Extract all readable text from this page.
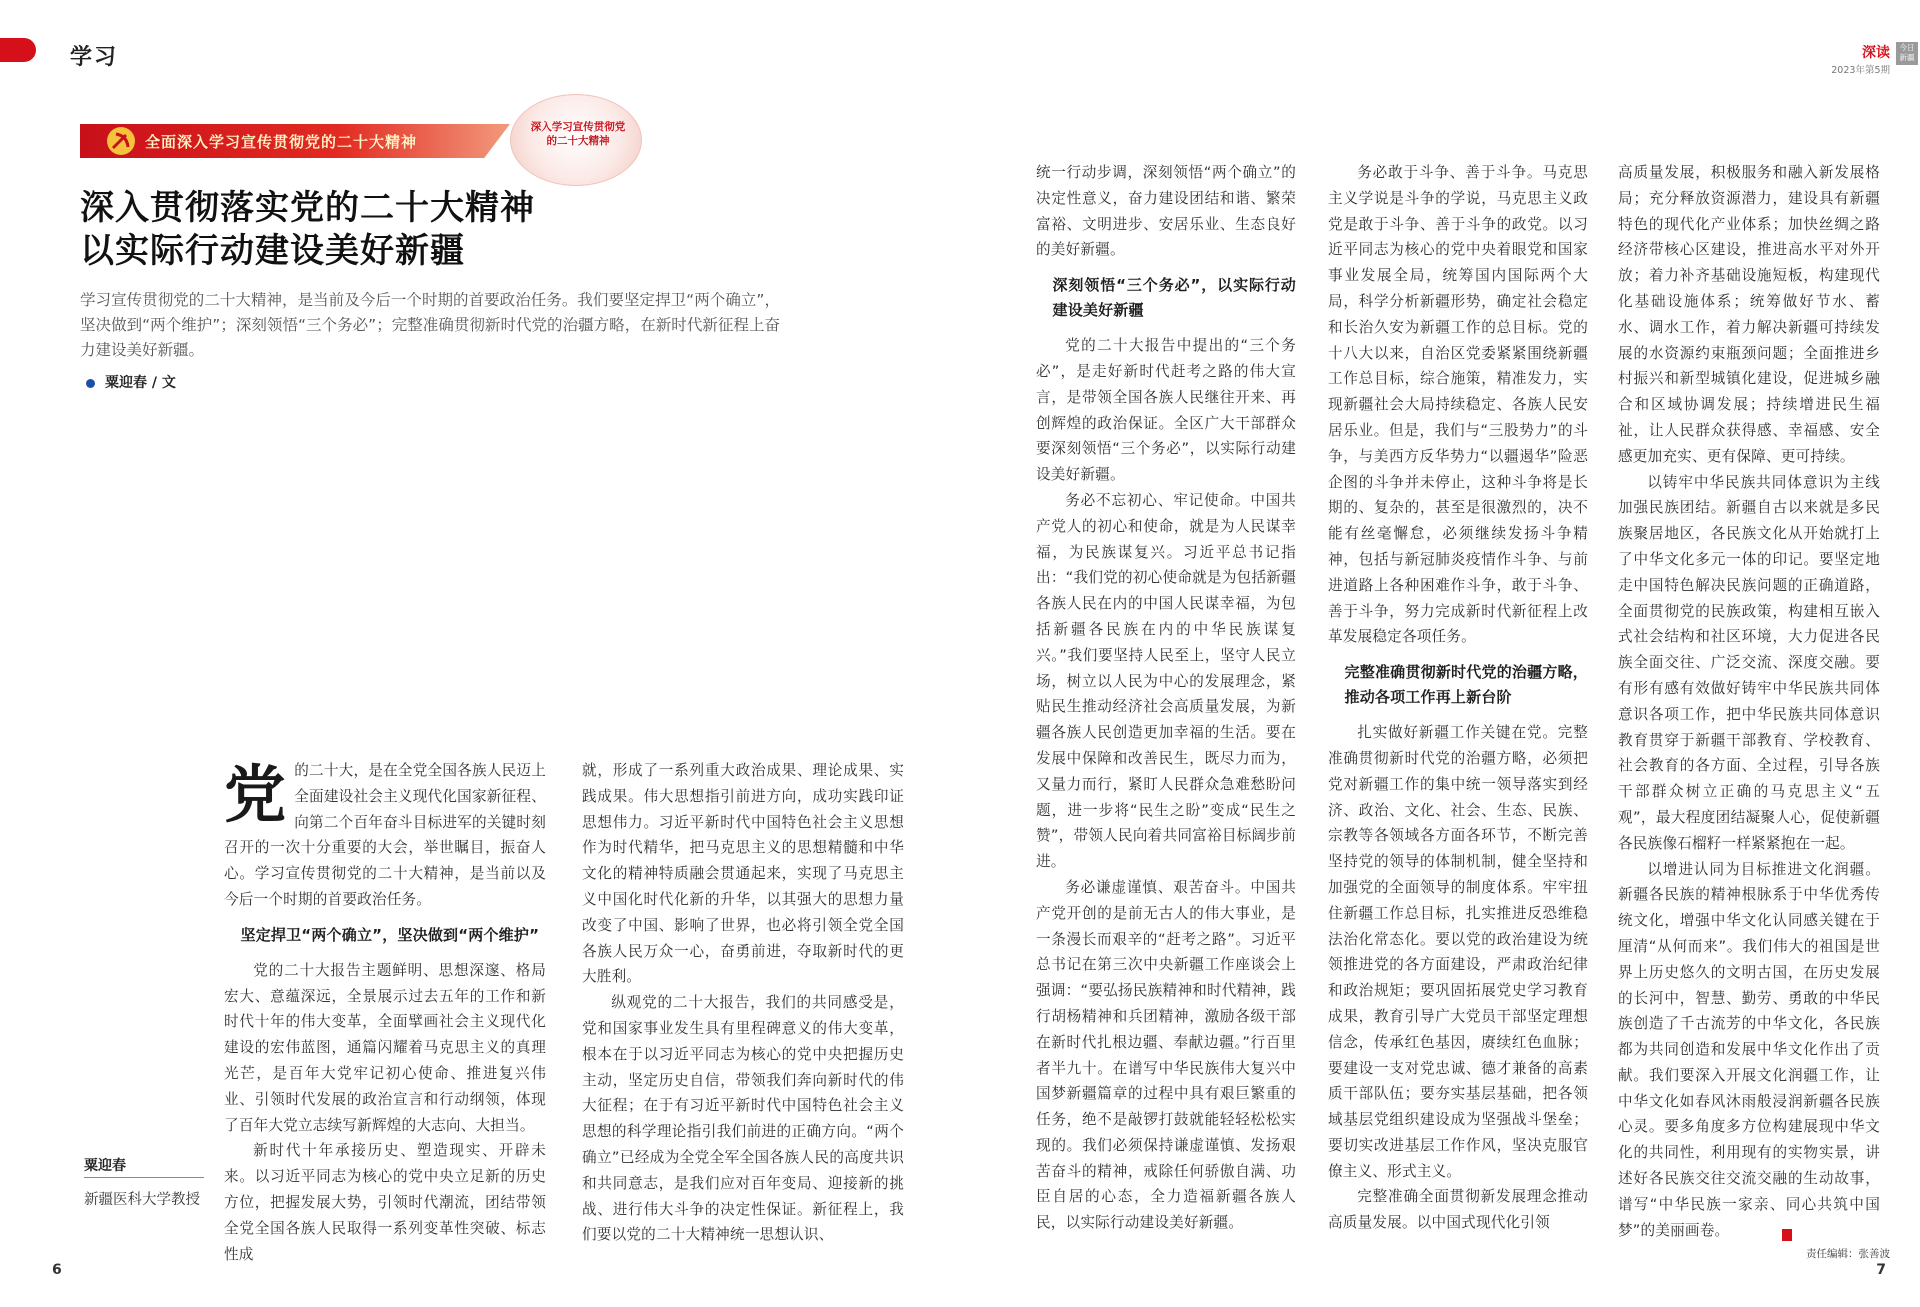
学习	深读
2023年第5期
今日 新疆
全面深入学习宣传贯彻党的二十大精神
深入学习宣传贯彻党的二十大精神
深入贯彻落实党的二十大精神
以实际行动建设美好新疆
学习宣传贯彻党的二十大精神，是当前及今后一个时期的首要政治任务。我们要坚定捍卫“两个确立”，坚决做到“两个维护”；深刻领悟“三个务必”；完整准确贯彻新时代党的治疆方略，在新时代新征程上奋力建设美好新疆。
粟迎春 / 文
党 的二十大，是在全党全国各族人民迈上全面建设社会主义现代化国家新征程、向第二个百年奋斗目标进军的关键时刻召开的一次十分重要的大会，举世瞩目，振奋人心。学习宣传贯彻党的二十大精神，是当前以及今后一个时期的首要政治任务。

坚定捍卫“两个确立”，坚决做到“两个维护”

党的二十大报告主题鲜明、思想深邃、格局宏大、意蕴深远，全景展示过去五年的工作和新时代十年的伟大变革，全面擘画社会主义现代化建设的宏伟蓝图，通篇闪耀着马克思主义的真理光芒，是百年大党牢记初心使命、推进复兴伟业、引领时代发展的政治宣言和行动纲领，体现了百年大党立志续写新辉煌的大志向、大担当。

新时代十年承接历史、塑造现实、开辟未来。以习近平同志为核心的党中央立足新的历史方位，把握发展大势，引领时代潮流，团结带领全党全国各族人民取得一系列变革性突破、标志性成

就，形成了一系列重大政治成果、理论成果、实践成果。伟大思想指引前进方向，成功实践印证思想伟力。习近平新时代中国特色社会主义思想作为时代精华，把马克思主义的思想精髓和中华文化的精神特质融会贯通起来，实现了马克思主义中国化时代化新的升华，以其强大的思想力量改变了中国、影响了世界，也必将引领全党全国各族人民万众一心，奋勇前进，夺取新时代的更大胜利。

纵观党的二十大报告，我们的共同感受是，党和国家事业发生具有里程碑意义的伟大变革，根本在于以习近平同志为核心的党中央把握历史主动，坚定历史自信，带领我们奔向新时代的伟大征程；在于有习近平新时代中国特色社会主义思想的科学理论指引我们前进的正确方向。“两个确立”已经成为全党全军全国各族人民的高度共识和共同意志，是我们应对百年变局、迎接新的挑战、进行伟大斗争的决定性保证。新征程上，我们要以党的二十大精神统一思想认识、

粟迎春
新疆医科大学教授

统一行动步调，深刻领悟“两个确立”的决定性意义，奋力建设团结和谐、繁荣富裕、文明进步、安居乐业、生态良好的美好新疆。

深刻领悟“三个务必”，以实际行动建设美好新疆

党的二十大报告中提出的“三个务必”，是走好新时代赶考之路的伟大宣言，是带领全国各族人民继往开来、再创辉煌的政治保证。全区广大干部群众要深刻领悟“三个务必”，以实际行动建设美好新疆。

务必不忘初心、牢记使命。中国共产党人的初心和使命，就是为人民谋幸福，为民族谋复兴。习近平总书记指出：“我们党的初心使命就是为包括新疆各族人民在内的中国人民谋幸福，为包括新疆各民族在内的中华民族谋复兴。”我们要坚持人民至上，坚守人民立场，树立以人民为中心的发展理念，紧贴民生推动经济社会高质量发展，为新疆各族人民创造更加幸福的生活。要在发展中保障和改善民生，既尽力而为，又量力而行，紧盯人民群众急难愁盼问题，进一步将“民生之盼”变成“民生之赞”，带领人民向着共同富裕目标阔步前进。

务必谦虚谨慎、艰苦奋斗。中国共产党开创的是前无古人的伟大事业，是一条漫长而艰辛的“赶考之路”。习近平总书记在第三次中央新疆工作座谈会上强调：“要弘扬民族精神和时代精神，践行胡杨精神和兵团精神，激励各级干部在新时代扎根边疆、奉献边疆。”行百里者半九十。在谱写中华民族伟大复兴中国梦新疆篇章的过程中具有艰巨繁重的任务，绝不是敲锣打鼓就能轻轻松松实现的。我们必须保持谦虚谨慎、发扬艰苦奋斗的精神，戒除任何骄傲自满、功臣自居的心态，全力造福新疆各族人民，以实际行动建设美好新疆。

务必敢于斗争、善于斗争。马克思主义学说是斗争的学说，马克思主义政党是敢于斗争、善于斗争的政党。以习近平同志为核心的党中央着眼党和国家事业发展全局，统筹国内国际两个大局，科学分析新疆形势，确定社会稳定和长治久安为新疆工作的总目标。党的十八大以来，自治区党委紧紧围绕新疆工作总目标，综合施策，精准发力，实现新疆社会大局持续稳定、各族人民安居乐业。但是，我们与“三股势力”的斗争，与美西方反华势力“以疆遏华”险恶企图的斗争并未停止，这种斗争将是长期的、复杂的，甚至是很激烈的，决不能有丝毫懈怠，必须继续发扬斗争精神，包括与新冠肺炎疫情作斗争、与前进道路上各种困难作斗争，敢于斗争、善于斗争，努力完成新时代新征程上改革发展稳定各项任务。

完整准确贯彻新时代党的治疆方略，推动各项工作再上新台阶

扎实做好新疆工作关键在党。完整准确贯彻新时代党的治疆方略，必须把党对新疆工作的集中统一领导落实到经济、政治、文化、社会、生态、民族、宗教等各领域各方面各环节，不断完善坚持党的领导的体制机制，健全坚持和加强党的全面领导的制度体系。牢牢扭住新疆工作总目标，扎实推进反恐维稳法治化常态化。要以党的政治建设为统领推进党的各方面建设，严肃政治纪律和政治规矩；要巩固拓展党史学习教育成果，教育引导广大党员干部坚定理想信念，传承红色基因，赓续红色血脉；要建设一支对党忠诚、德才兼备的高素质干部队伍；要夯实基层基础，把各领域基层党组织建设成为坚强战斗堡垒；要切实改进基层工作作风，坚决克服官僚主义、形式主义。

完整准确全面贯彻新发展理念推动高质量发展。以中国式现代化引领

高质量发展，积极服务和融入新发展格局；充分释放资源潜力，建设具有新疆特色的现代化产业体系；加快丝绸之路经济带核心区建设，推进高水平对外开放；着力补齐基础设施短板，构建现代化基础设施体系；统筹做好节水、蓄水、调水工作，着力解决新疆可持续发展的水资源约束瓶颈问题；全面推进乡村振兴和新型城镇化建设，促进城乡融合和区域协调发展；持续增进民生福祉，让人民群众获得感、幸福感、安全感更加充实、更有保障、更可持续。

以铸牢中华民族共同体意识为主线加强民族团结。新疆自古以来就是多民族聚居地区，各民族文化从开始就打上了中华文化多元一体的印记。要坚定地走中国特色解决民族问题的正确道路，全面贯彻党的民族政策，构建相互嵌入式社会结构和社区环境，大力促进各民族全面交往、广泛交流、深度交融。要有形有感有效做好铸牢中华民族共同体意识各项工作，把中华民族共同体意识教育贯穿于新疆干部教育、学校教育、社会教育的各方面、全过程，引导各族干部群众树立正确的马克思主义“五观”，最大程度团结凝聚人心，促使新疆各民族像石榴籽一样紧紧抱在一起。

以增进认同为目标推进文化润疆。新疆各民族的精神根脉系于中华优秀传统文化，增强中华文化认同感关键在于厘清“从何而来”。我们伟大的祖国是世界上历史悠久的文明古国，在历史发展的长河中，智慧、勤劳、勇敢的中华民族创造了千古流芳的中华文化，各民族都为共同创造和发展中华文化作出了贡献。我们要深入开展文化润疆工作，让中华文化如春风沐雨般浸润新疆各民族心灵。要多角度多方位构建展现中华文化的共同性，利用现有的实物实景，讲述好各民族交往交流交融的生动故事，谱写“中华民族一家亲、同心共筑中国梦”的美丽画卷。

6	7
责任编辑：张善波
